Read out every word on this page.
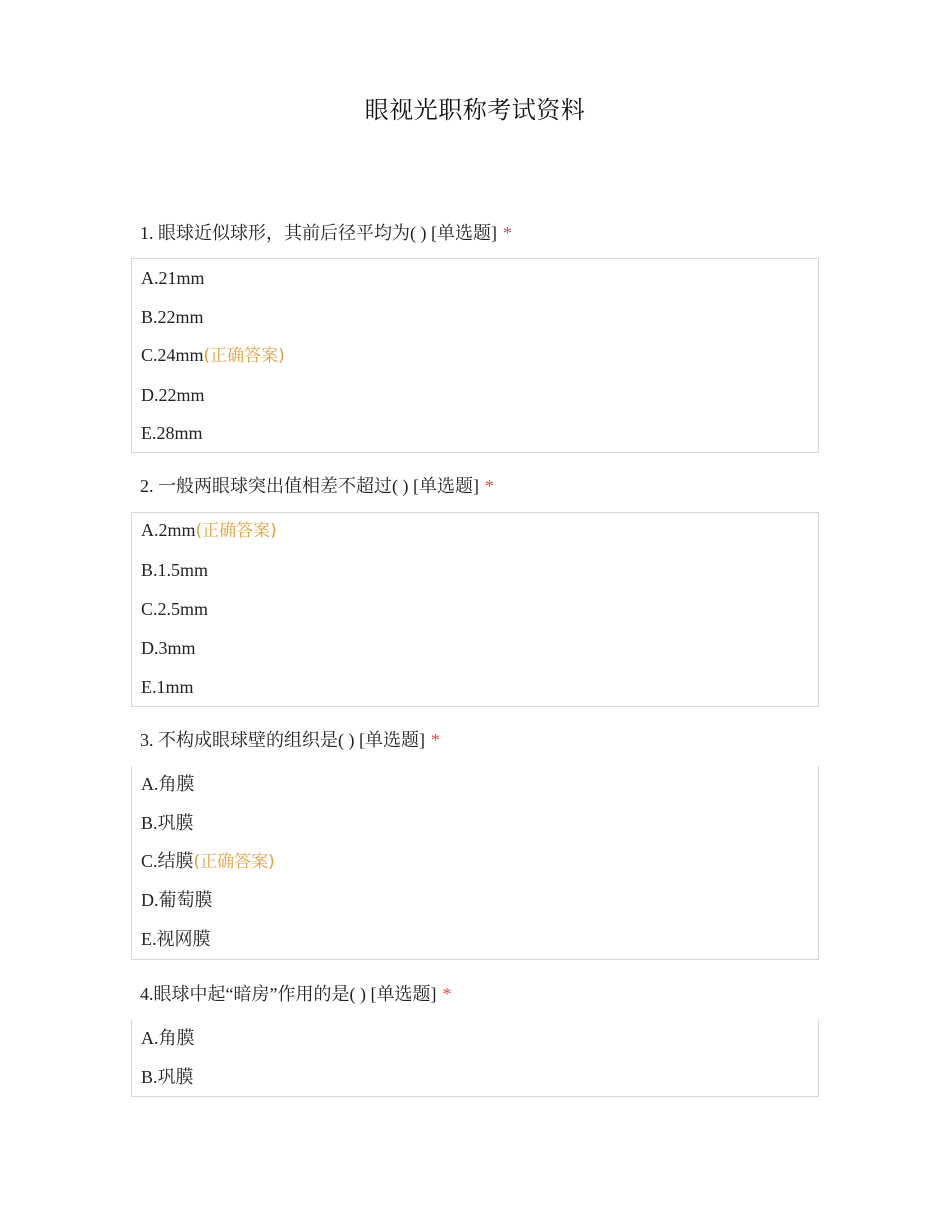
眼视光职称考试资料
1. 眼球近似球形，其前后径平均为( ) [单选题] *
A.21mm
B.22mm
C.24mm(正确答案)
D.22mm
E.28mm
2. 一般两眼球突出值相差不超过( ) [单选题] *
A.2mm(正确答案)
B.1.5mm
C.2.5mm
D.3mm
E.1mm
3. 不构成眼球壁的组织是( ) [单选题] *
A.角膜
B.巩膜
C.结膜(正确答案)
D.葡萄膜
E.视网膜
4.眼球中起“暗房”作用的是( ) [单选题] *
A.角膜
B.巩膜
